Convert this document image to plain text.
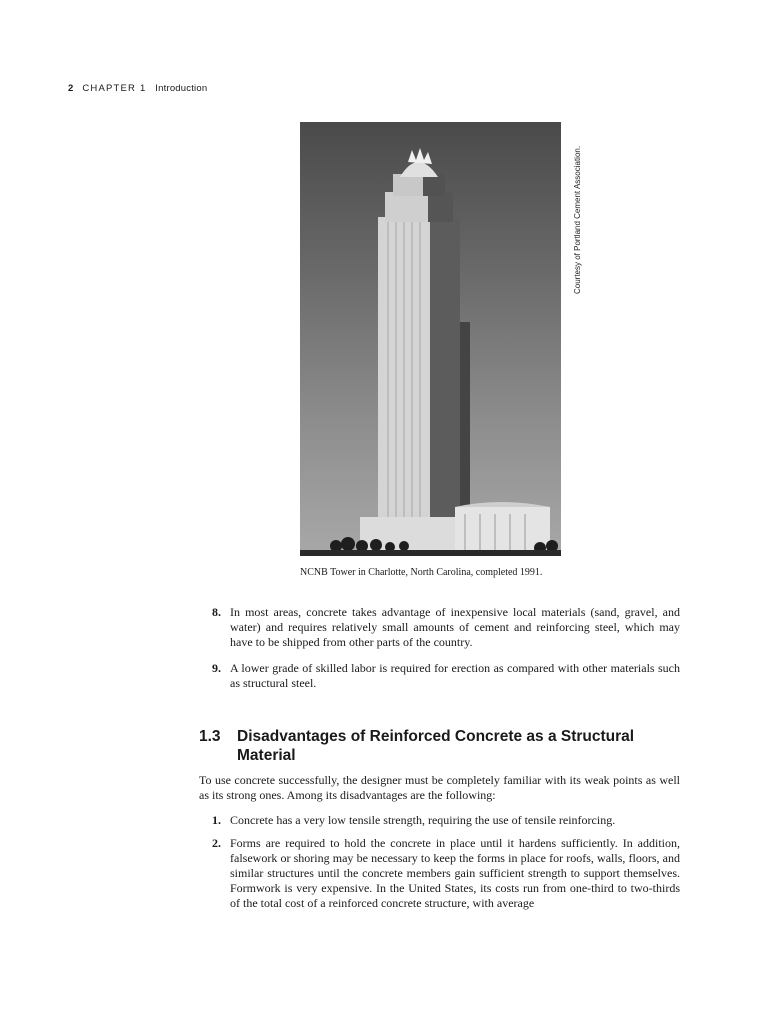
2 CHAPTER 1 Introduction
Courtesy of Portland Cement Association.
NCNB Tower in Charlotte, North Carolina, completed 1991.
8. In most areas, concrete takes advantage of inexpensive local materials (sand, gravel, and water) and requires relatively small amounts of cement and reinforcing steel, which may have to be shipped from other parts of the country.
9. A lower grade of skilled labor is required for erection as compared with other materials such as structural steel.
1.3 Disadvantages of Reinforced Concrete as a Structural Material
To use concrete successfully, the designer must be completely familiar with its weak points as well as its strong ones. Among its disadvantages are the following:
1. Concrete has a very low tensile strength, requiring the use of tensile reinforcing.
2. Forms are required to hold the concrete in place until it hardens sufficiently. In addition, falsework or shoring may be necessary to keep the forms in place for roofs, walls, floors, and similar structures until the concrete members gain sufficient strength to support themselves. Formwork is very expensive. In the United States, its costs run from one-third to two-thirds of the total cost of a reinforced concrete structure, with average
